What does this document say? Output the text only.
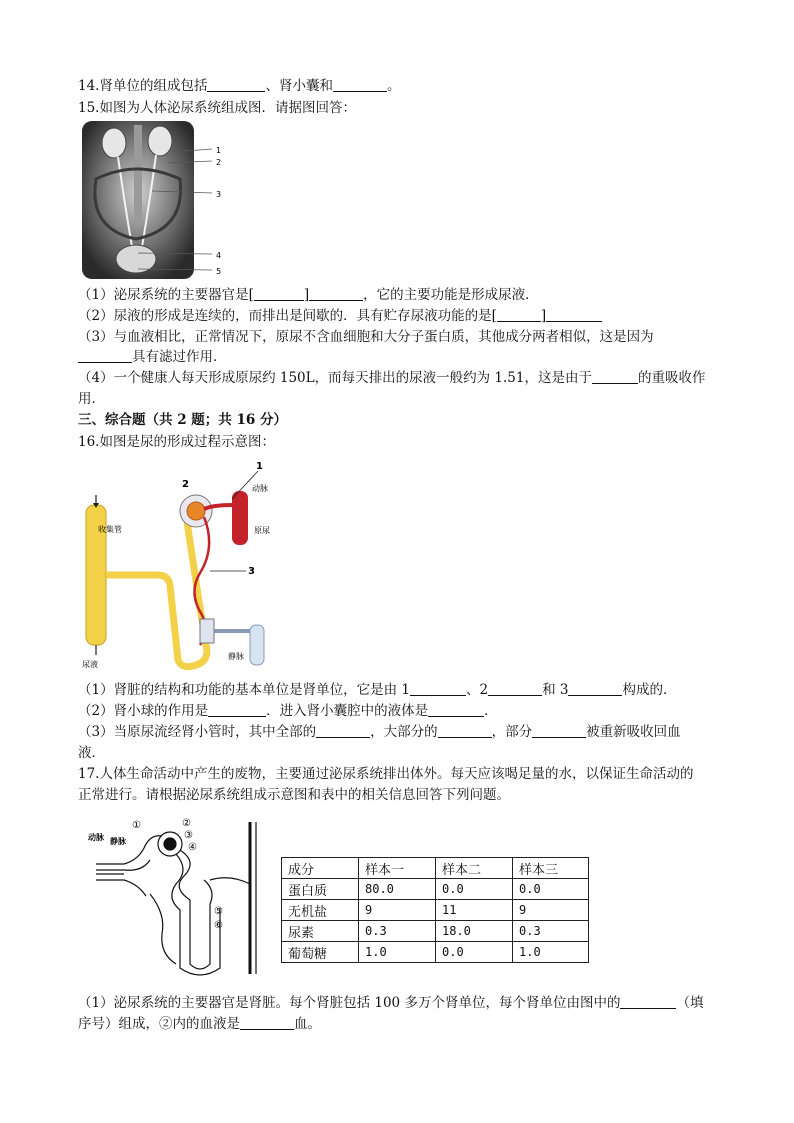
14.肾单位的组成包括	、肾小囊和	。
15.如图为人体泌尿系统组成图．请据图回答：
1
2
3
4
5
（1）泌尿系统的主要器官是[	]	，它的主要功能是形成尿液．
（2）尿液的形成是连续的，而排出是间歇的．具有贮存尿液功能的是[	]
（3）与血液相比，正常情况下，原尿不含血细胞和大分子蛋白质，其他成分两者相似，这是因为
具有滤过作用．
（4）一个健康人每天形成原尿约 150L，而每天排出的尿液一般约为 1.51，这是由于	的重吸收作
用．
三、综合题（共 2 题；共 16 分）
16.如图是尿的形成过程示意图：
收集管
尿液
动脉
原尿
静脉
1
2
3
（1）肾脏的结构和功能的基本单位是肾单位，它是由 1	、2	和 3	构成的．
（2）肾小球的作用是	．进入肾小囊腔中的液体是	．
（3）当原尿流经肾小管时，其中全部的	，大部分的	，部分	被重新吸收回血
液．
17.人体生命活动中产生的废物，主要通过泌尿系统排出体外。每天应该喝足量的水，以保证生命活动的
正常进行。请根据泌尿系统组成示意图和表中的相关信息回答下列问题。
动脉 静脉
①	②
③
④
⑤
⑥
成分	样本一	样本二	样本三
蛋白质	80.0	0.0	0.0
无机盐	9	11	9
尿素	0.3	18.0	0.3
葡萄糖	1.0	0.0	1.0
（1）泌尿系统的主要器官是肾脏。每个肾脏包括 100 多万个肾单位，每个肾单位由图中的	（填
序号）组成，②内的血液是	血。
